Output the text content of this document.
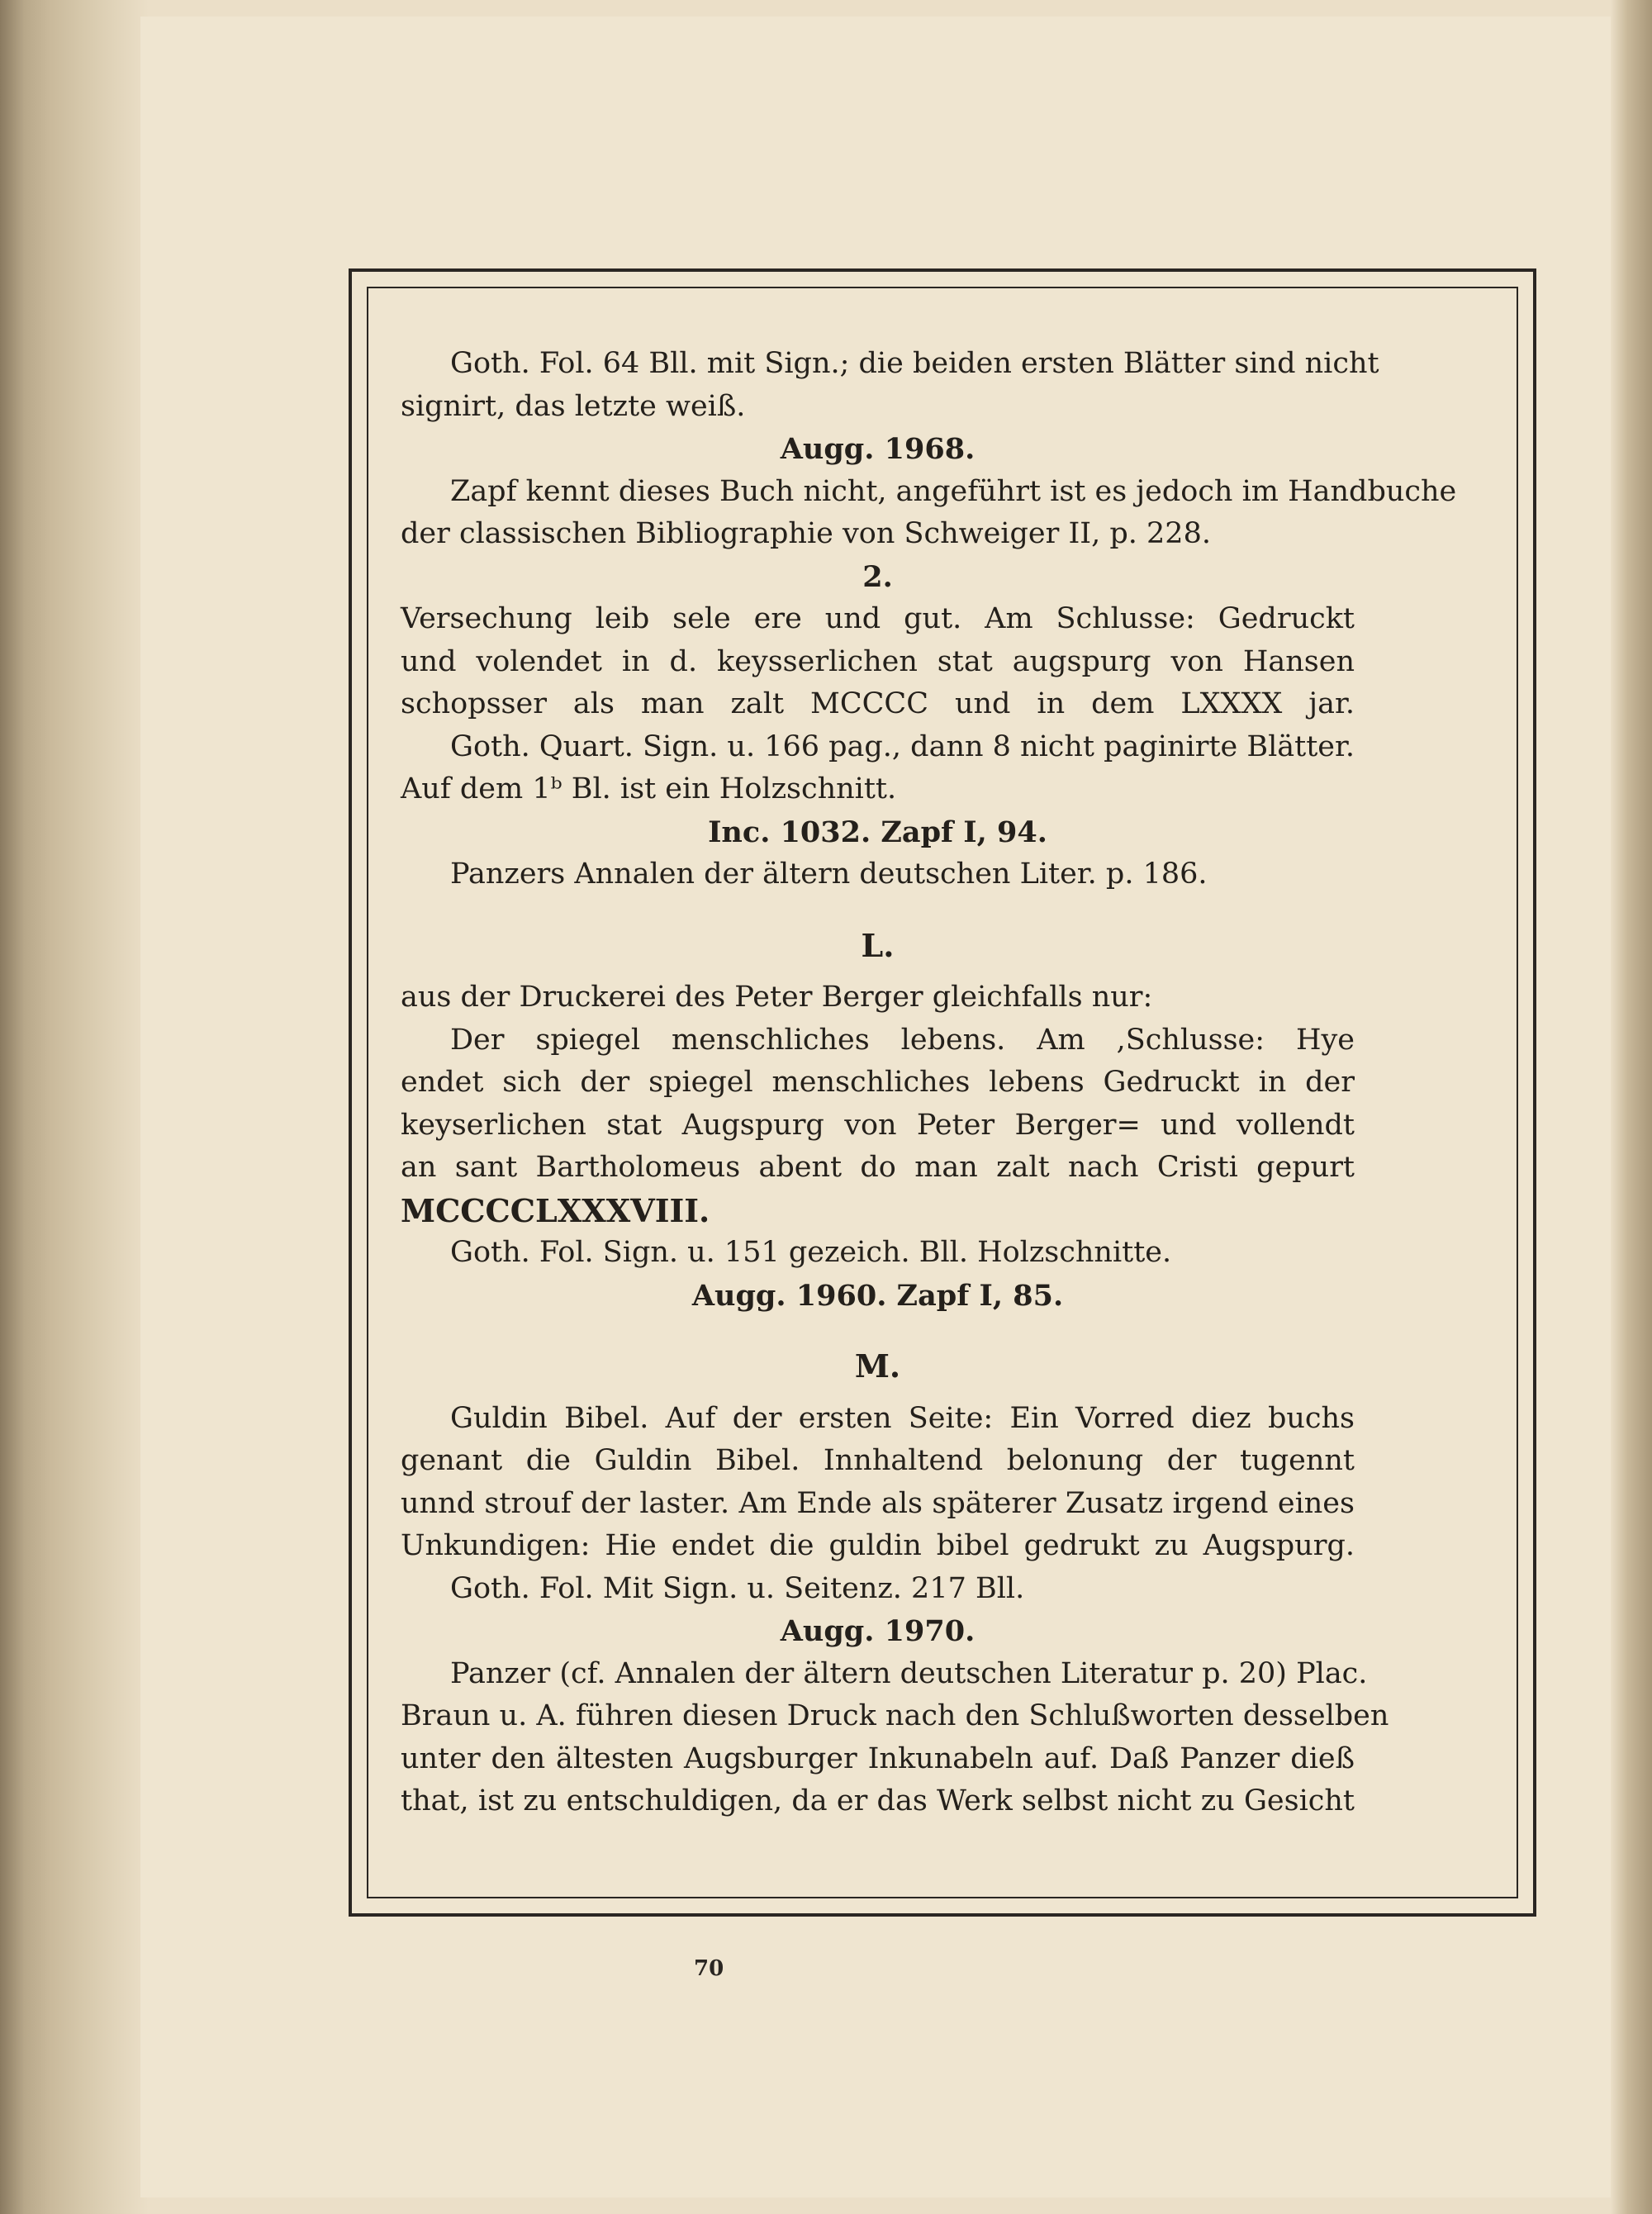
Goth. Fol. 64 Bll. mit Sign.; die beiden ersten Blätter sind nicht
signirt, das letzte weiß.
Augg. 1968.
Zapf kennt dieses Buch nicht, angeführt ist es jedoch im Handbuche
der classischen Bibliographie von Schweiger II, p. 228.
2.
Versechung leib sele ere und gut. Am Schlusse: Gedruckt
und volendet in d. keysserlichen stat augspurg von Hansen
schopsser als man zalt MCCCC und in dem LXXXX jar.
Goth. Quart. Sign. u. 166 pag., dann 8 nicht paginirte Blätter.
Auf dem 1ᵇ Bl. ist ein Holzschnitt.
Inc. 1032. Zapf I, 94.
Panzers Annalen der ältern deutschen Liter. p. 186.
L.
aus der Druckerei des Peter Berger gleichfalls nur:
Der spiegel menschliches lebens. Am ,Schlusse: Hye
endet sich der spiegel menschliches lebens Gedruckt in der
keyserlichen stat Augspurg von Peter Berger= und vollendt
an sant Bartholomeus abent do man zalt nach Cristi gepurt
MCCCCLXXXVIII.
Goth. Fol. Sign. u. 151 gezeich. Bll. Holzschnitte.
Augg. 1960. Zapf I, 85.
M.
Guldin Bibel. Auf der ersten Seite: Ein Vorred diez buchs
genant die Guldin Bibel. Innhaltend belonung der tugennt
unnd strouf der laster. Am Ende als späterer Zusatz irgend eines
Unkundigen: Hie endet die guldin bibel gedrukt zu Augspurg.
Goth. Fol. Mit Sign. u. Seitenz. 217 Bll.
Augg. 1970.
Panzer (cf. Annalen der ältern deutschen Literatur p. 20) Plac.
Braun u. A. führen diesen Druck nach den Schlußworten desselben
unter den ältesten Augsburger Inkunabeln auf. Daß Panzer dieß
that, ist zu entschuldigen, da er das Werk selbst nicht zu Gesicht
70
